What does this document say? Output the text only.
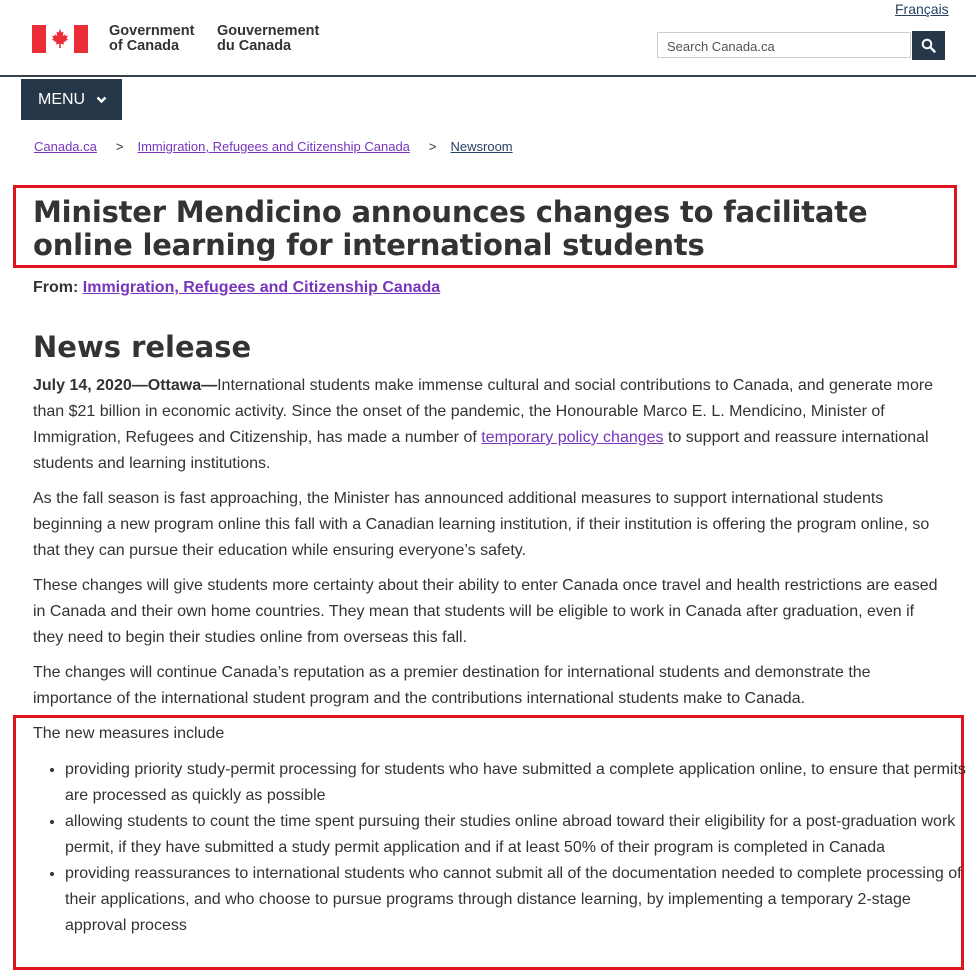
Français
Government
of Canada
Gouvernement
du Canada	Search Canada.ca
MENU
Canada.ca > Immigration, Refugees and Citizenship Canada > Newsroom
Minister Mendicino announces changes to facilitate online learning for international students
From: Immigration, Refugees and Citizenship Canada
News release

July 14, 2020—Ottawa—International students make immense cultural and social contributions to Canada, and generate more than $21 billion in economic activity. Since the onset of the pandemic, the Honourable Marco E. L. Mendicino, Minister of Immigration, Refugees and Citizenship, has made a number of temporary policy changes to support and reassure international students and learning institutions.

As the fall season is fast approaching, the Minister has announced additional measures to support international students beginning a new program online this fall with a Canadian learning institution, if their institution is offering the program online, so that they can pursue their education while ensuring everyone’s safety.

These changes will give students more certainty about their ability to enter Canada once travel and health restrictions are eased in Canada and their own home countries. They mean that students will be eligible to work in Canada after graduation, even if they need to begin their studies online from overseas this fall.

The changes will continue Canada’s reputation as a premier destination for international students and demonstrate the importance of the international student program and the contributions international students make to Canada.

The new measures include

• providing priority study-permit processing for students who have submitted a complete application online, to ensure that permits are processed as quickly as possible
• allowing students to count the time spent pursuing their studies online abroad toward their eligibility for a post-graduation work permit, if they have submitted a study permit application and if at least 50% of their program is completed in Canada
• providing reassurances to international students who cannot submit all of the documentation needed to complete processing of their applications, and who choose to pursue programs through distance learning, by implementing a temporary 2-stage approval process
